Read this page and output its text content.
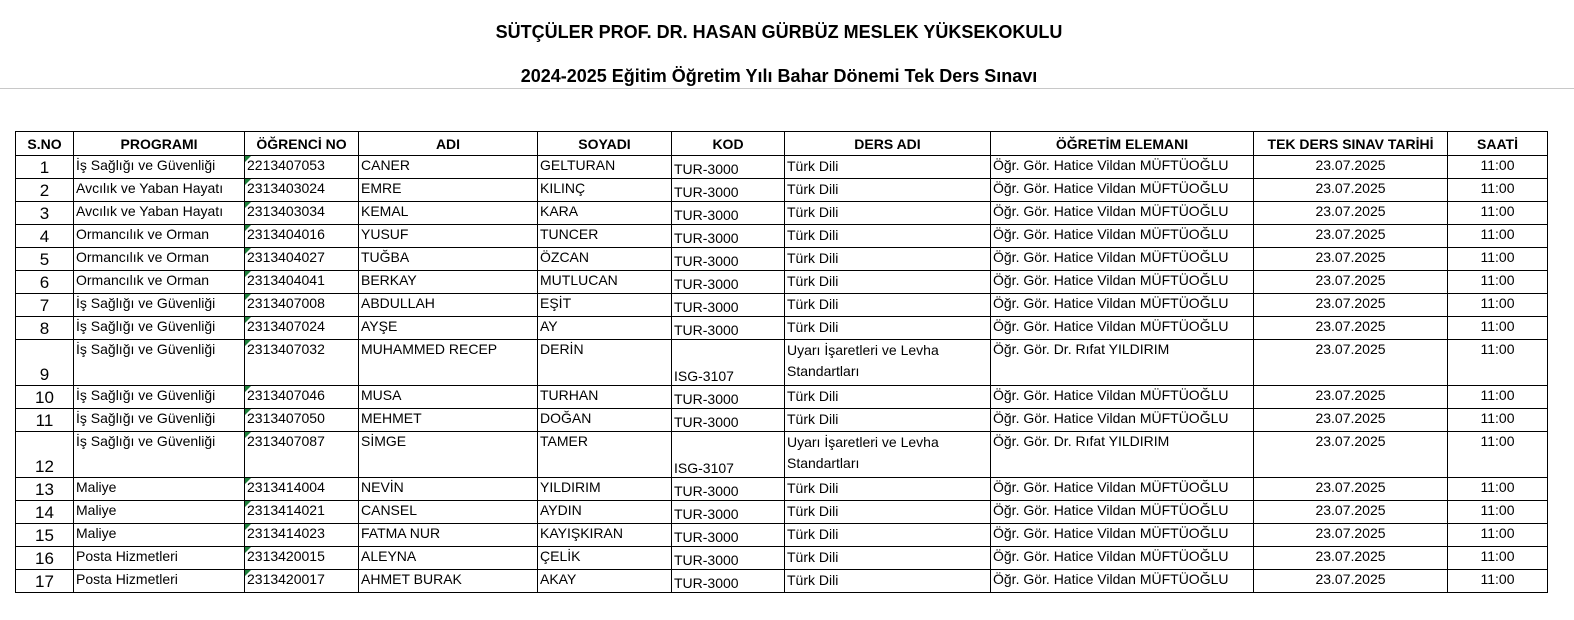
SÜTÇÜLER PROF. DR. HASAN GÜRBÜZ MESLEK YÜKSEKOKULU
2024-2025 Eğitim Öğretim Yılı Bahar Dönemi Tek Ders Sınavı
S.NO	PROGRAMI	ÖĞRENCİ NO	ADI	SOYADI	KOD	DERS ADI	ÖĞRETİM ELEMANI	TEK DERS SINAV TARİHİ	SAATİ
1	İş Sağlığı ve Güvenliği	2213407053	CANER	GELTURAN	TUR-3000	Türk Dili	Öğr. Gör. Hatice Vildan MÜFTÜOĞLU	23.07.2025	11:00
2	Avcılık ve Yaban Hayatı	2313403024	EMRE	KILINÇ	TUR-3000	Türk Dili	Öğr. Gör. Hatice Vildan MÜFTÜOĞLU	23.07.2025	11:00
3	Avcılık ve Yaban Hayatı	2313403034	KEMAL	KARA	TUR-3000	Türk Dili	Öğr. Gör. Hatice Vildan MÜFTÜOĞLU	23.07.2025	11:00
4	Ormancılık ve Orman	2313404016	YUSUF	TUNCER	TUR-3000	Türk Dili	Öğr. Gör. Hatice Vildan MÜFTÜOĞLU	23.07.2025	11:00
5	Ormancılık ve Orman	2313404027	TUĞBA	ÖZCAN	TUR-3000	Türk Dili	Öğr. Gör. Hatice Vildan MÜFTÜOĞLU	23.07.2025	11:00
6	Ormancılık ve Orman	2313404041	BERKAY	MUTLUCAN	TUR-3000	Türk Dili	Öğr. Gör. Hatice Vildan MÜFTÜOĞLU	23.07.2025	11:00
7	İş Sağlığı ve Güvenliği	2313407008	ABDULLAH	EŞİT	TUR-3000	Türk Dili	Öğr. Gör. Hatice Vildan MÜFTÜOĞLU	23.07.2025	11:00
8	İş Sağlığı ve Güvenliği	2313407024	AYŞE	AY	TUR-3000	Türk Dili	Öğr. Gör. Hatice Vildan MÜFTÜOĞLU	23.07.2025	11:00
9	İş Sağlığı ve Güvenliği	2313407032	MUHAMMED RECEP	DERİN	ISG-3107	Uyarı İşaretleri ve Levha Standartları	Öğr. Gör. Dr. Rıfat YILDIRIM	23.07.2025	11:00
10	İş Sağlığı ve Güvenliği	2313407046	MUSA	TURHAN	TUR-3000	Türk Dili	Öğr. Gör. Hatice Vildan MÜFTÜOĞLU	23.07.2025	11:00
11	İş Sağlığı ve Güvenliği	2313407050	MEHMET	DOĞAN	TUR-3000	Türk Dili	Öğr. Gör. Hatice Vildan MÜFTÜOĞLU	23.07.2025	11:00
12	İş Sağlığı ve Güvenliği	2313407087	SİMGE	TAMER	ISG-3107	Uyarı İşaretleri ve Levha Standartları	Öğr. Gör. Dr. Rıfat YILDIRIM	23.07.2025	11:00
13	Maliye	2313414004	NEVİN	YILDIRIM	TUR-3000	Türk Dili	Öğr. Gör. Hatice Vildan MÜFTÜOĞLU	23.07.2025	11:00
14	Maliye	2313414021	CANSEL	AYDIN	TUR-3000	Türk Dili	Öğr. Gör. Hatice Vildan MÜFTÜOĞLU	23.07.2025	11:00
15	Maliye	2313414023	FATMA NUR	KAYIŞKIRAN	TUR-3000	Türk Dili	Öğr. Gör. Hatice Vildan MÜFTÜOĞLU	23.07.2025	11:00
16	Posta Hizmetleri	2313420015	ALEYNA	ÇELİK	TUR-3000	Türk Dili	Öğr. Gör. Hatice Vildan MÜFTÜOĞLU	23.07.2025	11:00
17	Posta Hizmetleri	2313420017	AHMET BURAK	AKAY	TUR-3000	Türk Dili	Öğr. Gör. Hatice Vildan MÜFTÜOĞLU	23.07.2025	11:00
